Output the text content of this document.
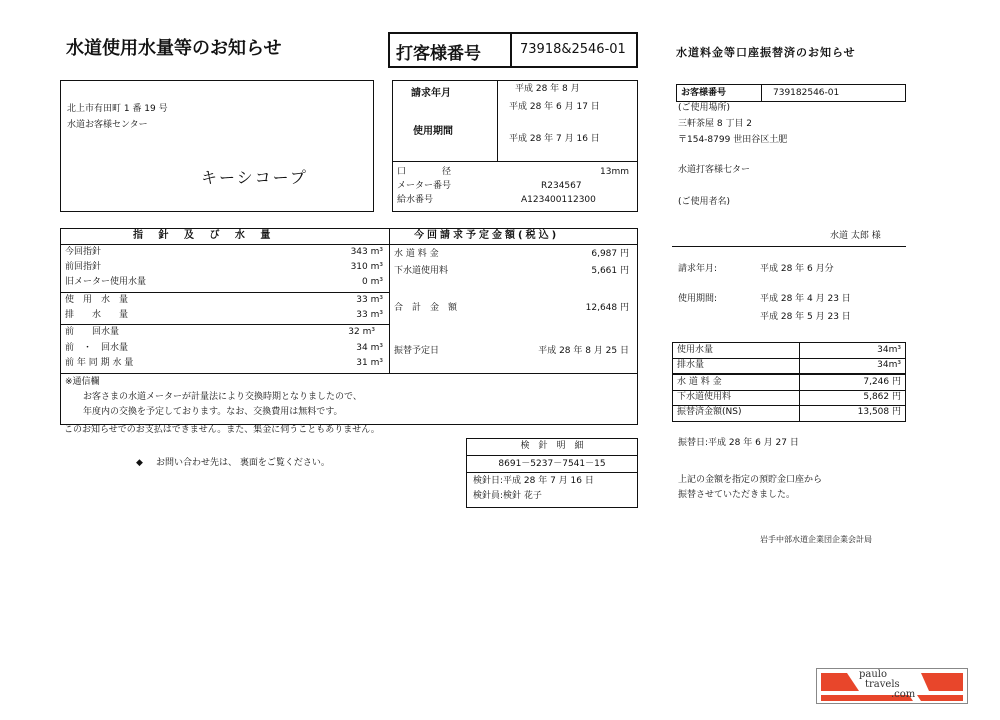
水道使用水量等のお知らせ	打客様番号	73918&2546-01	水道料金等口座振替済のお知らせ
北上市有田町 1 番 19 号
水道お客様センター
キーシコープ
請求年月	平成 28 年 8 月
平成 28 年 6 月 17 日
使用期間
平成 28 年 7 月 16 日
口　　　　径	13mm
メーター番号	R234567
給水番号	A123400112300
指 針 及 び 水 量
今回指針	343 m³
前回指針	310 m³
旧メーター使用水量	0 m³
使　用　水　量	33 m³
排　　水　　量	33 m³
前　　回水量	32 m³
前　・　回水量	34 m³
前 年 同 期 水 量	31 m³
今回請求予定金額(税込)
水 道 料 金	6,987 円
下水道使用料	5,661 円
合　計　金　額	12,648 円
振替予定日	平成 28 年 8 月 25 日
※通信欄
お客さまの水道メーターが計量法により交換時期となりましたので、
年度内の交換を予定しております。なお、交換費用は無料です。
このお知らせでのお支払はできません。また、集金に伺うこともありません。
◆ お問い合わせ先は、 裏面をご覧ください。
検　針　明　細
8691－5237－7541－15
検針日:平成 28 年 7 月 16 日
検針員:検針 花子
お客様番号	739182546-01
(ご使用場所)
三軒茶屋 8 丁目 2
〒154-8799 世田谷区土肥
水道打客様七ター
(ご使用者名)
水道 太郎 様
請求年月:	平成 28 年 6 月分
使用期間:	平成 28 年 4 月 23 日
平成 28 年 5 月 23 日
使用水量	34m³
排水量	34m³
水 道 料 金	7,246 円
下水道使用料	5,862 円
振替済金額(NS)	13,508 円
振替日:平成 28 年 6 月 27 日
上記の金額を指定の預貯金口座から
振替させていただきました。
岩手中部水道企業団企業会計局
paulo
travels
.com
